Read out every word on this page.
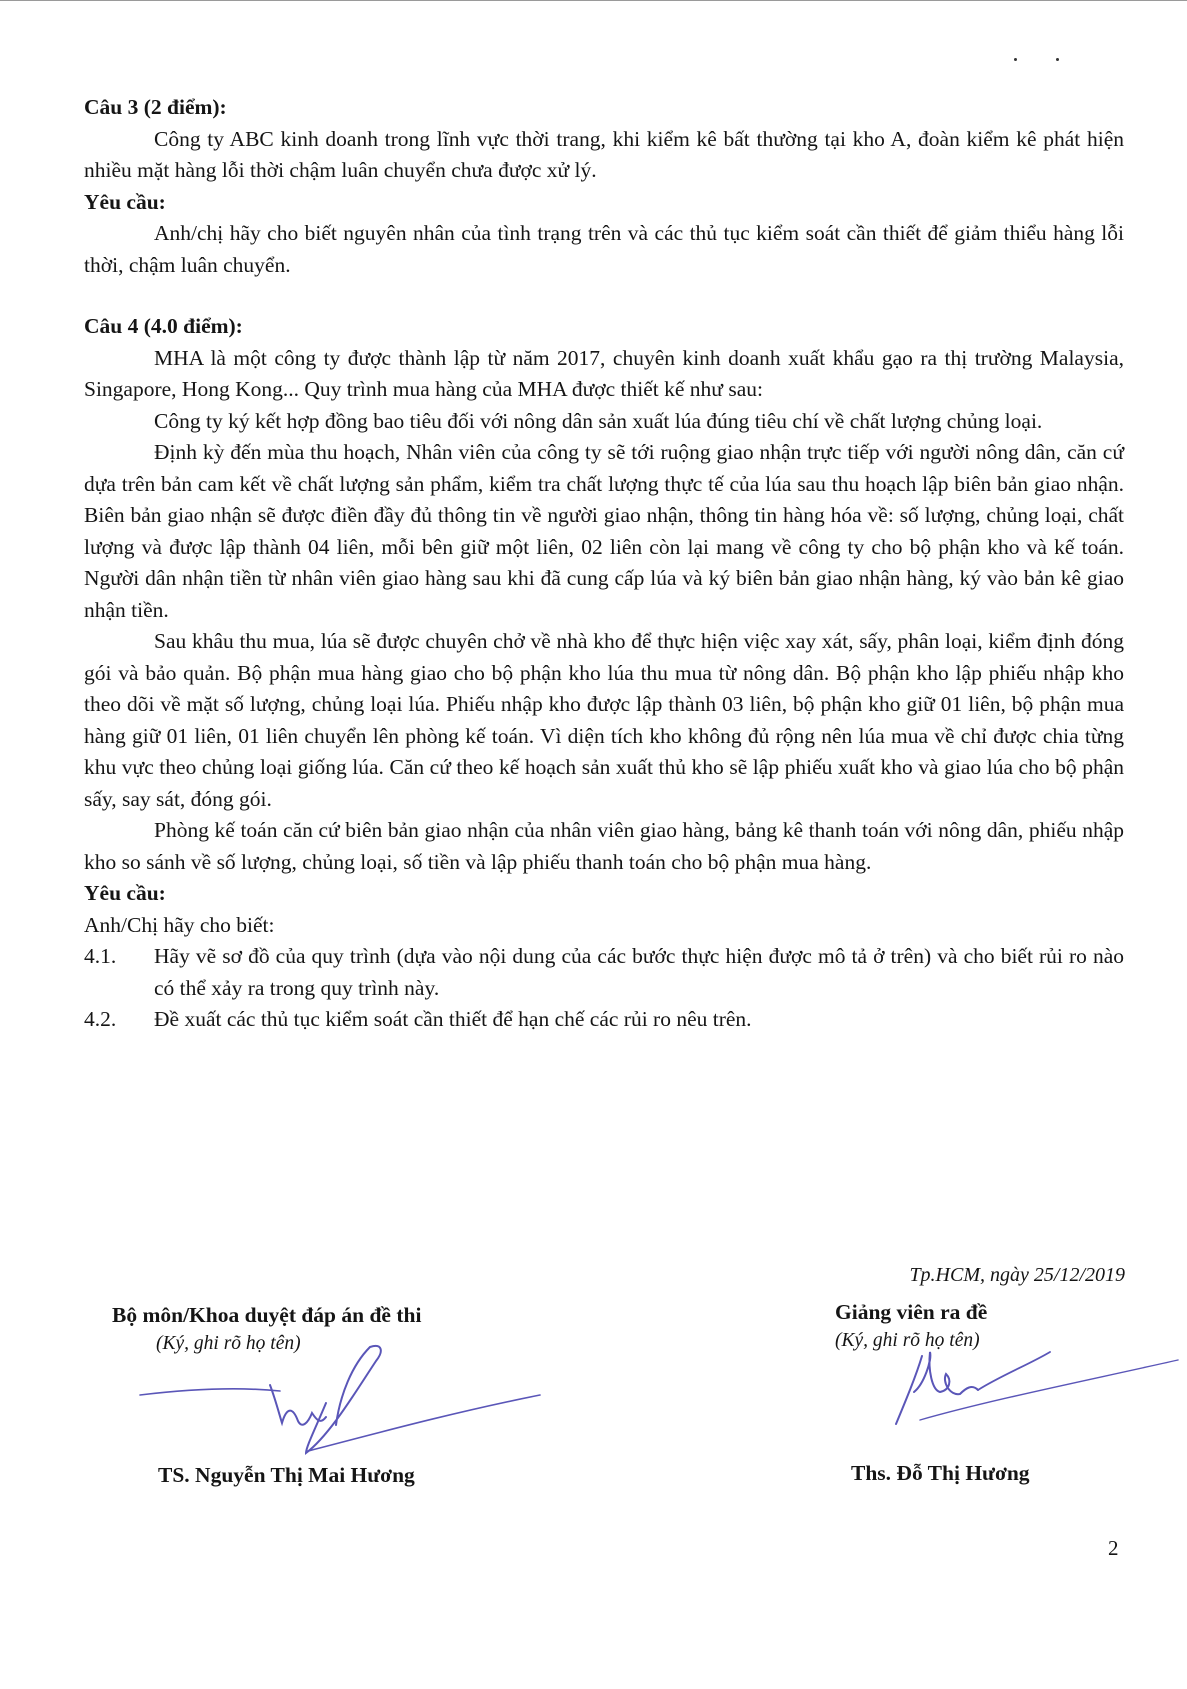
Câu 3 (2 điểm):

Công ty ABC kinh doanh trong lĩnh vực thời trang, khi kiểm kê bất thường tại kho A, đoàn kiểm kê phát hiện nhiều mặt hàng lỗi thời chậm luân chuyển chưa được xử lý.

Yêu cầu:

Anh/chị hãy cho biết nguyên nhân của tình trạng trên và các thủ tục kiểm soát cần thiết để giảm thiểu hàng lỗi thời, chậm luân chuyển.

Câu 4 (4.0 điểm):

MHA là một công ty được thành lập từ năm 2017, chuyên kinh doanh xuất khẩu gạo ra thị trường Malaysia, Singapore, Hong Kong... Quy trình mua hàng của MHA được thiết kế như sau:

Công ty ký kết hợp đồng bao tiêu đối với nông dân sản xuất lúa đúng tiêu chí về chất lượng chủng loại.

Định kỳ đến mùa thu hoạch, Nhân viên của công ty sẽ tới ruộng giao nhận trực tiếp với người nông dân, căn cứ dựa trên bản cam kết về chất lượng sản phẩm, kiểm tra chất lượng thực tế của lúa sau thu hoạch lập biên bản giao nhận. Biên bản giao nhận sẽ được điền đầy đủ thông tin về người giao nhận, thông tin hàng hóa về: số lượng, chủng loại, chất lượng và được lập thành 04 liên, mỗi bên giữ một liên, 02 liên còn lại mang về công ty cho bộ phận kho và kế toán. Người dân nhận tiền từ nhân viên giao hàng sau khi đã cung cấp lúa và ký biên bản giao nhận hàng, ký vào bản kê giao nhận tiền.

Sau khâu thu mua, lúa sẽ được chuyên chở về nhà kho để thực hiện việc xay xát, sấy, phân loại, kiểm định đóng gói và bảo quản. Bộ phận mua hàng giao cho bộ phận kho lúa thu mua từ nông dân. Bộ phận kho lập phiếu nhập kho theo dõi về mặt số lượng, chủng loại lúa. Phiếu nhập kho được lập thành 03 liên, bộ phận kho giữ 01 liên, bộ phận mua hàng giữ 01 liên, 01 liên chuyển lên phòng kế toán. Vì diện tích kho không đủ rộng nên lúa mua về chỉ được chia từng khu vực theo chủng loại giống lúa. Căn cứ theo kế hoạch sản xuất thủ kho sẽ lập phiếu xuất kho và giao lúa cho bộ phận sấy, say sát, đóng gói.

Phòng kế toán căn cứ biên bản giao nhận của nhân viên giao hàng, bảng kê thanh toán với nông dân, phiếu nhập kho so sánh về số lượng, chủng loại, số tiền và lập phiếu thanh toán cho bộ phận mua hàng.

Yêu cầu:

Anh/Chị hãy cho biết:

4.1.	Hãy vẽ sơ đồ của quy trình (dựa vào nội dung của các bước thực hiện được mô tả ở trên) và cho biết rủi ro nào có thể xảy ra trong quy trình này.
4.2.	Đề xuất các thủ tục kiểm soát cần thiết để hạn chế các rủi ro nêu trên.
Tp.HCM, ngày 25/12/2019
Bộ môn/Khoa duyệt đáp án đề thi
(Ký, ghi rõ họ tên)
TS. Nguyễn Thị Mai Hương
Giảng viên ra đề
(Ký, ghi rõ họ tên)
Ths. Đỗ Thị Hương
2
